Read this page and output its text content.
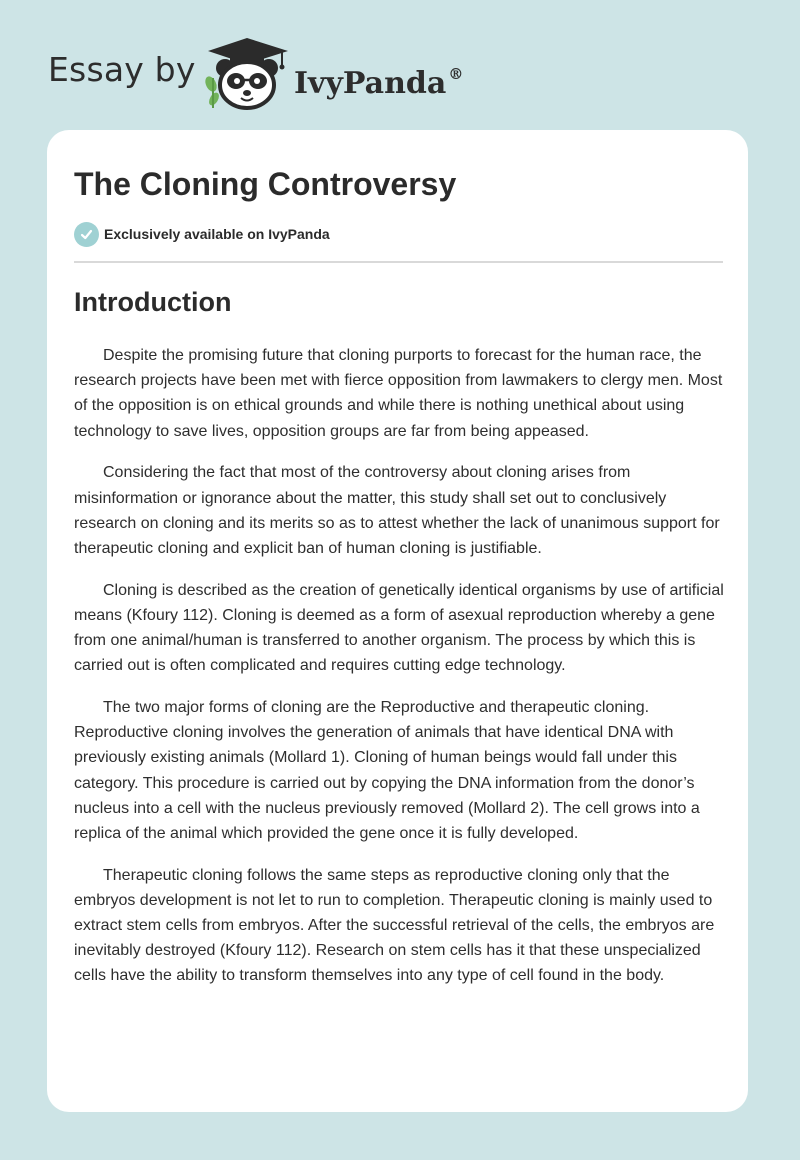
Essay by	IvyPanda ®
The Cloning Controversy
Exclusively available on IvyPanda
Introduction

Despite the promising future that cloning purports to forecast for the human race, the research projects have been met with fierce opposition from lawmakers to clergy men. Most of the opposition is on ethical grounds and while there is nothing unethical about using technology to save lives, opposition groups are far from being appeased.

Considering the fact that most of the controversy about cloning arises from misinformation or ignorance about the matter, this study shall set out to conclusively research on cloning and its merits so as to attest whether the lack of unanimous support for therapeutic cloning and explicit ban of human cloning is justifiable.

Cloning is described as the creation of genetically identical organisms by use of artificial means (Kfoury 112). Cloning is deemed as a form of asexual reproduction whereby a gene from one animal/human is transferred to another organism. The process by which this is carried out is often complicated and requires cutting edge technology.

The two major forms of cloning are the Reproductive and therapeutic cloning. Reproductive cloning involves the generation of animals that have identical DNA with previously existing animals (Mollard 1). Cloning of human beings would fall under this category. This procedure is carried out by copying the DNA information from the donor’s nucleus into a cell with the nucleus previously removed (Mollard 2). The cell grows into a replica of the animal which provided the gene once it is fully developed.

Therapeutic cloning follows the same steps as reproductive cloning only that the embryos development is not let to run to completion. Therapeutic cloning is mainly used to extract stem cells from embryos. After the successful retrieval of the cells, the embryos are inevitably destroyed (Kfoury 112). Research on stem cells has it that these unspecialized cells have the ability to transform themselves into any type of cell found in the body.
